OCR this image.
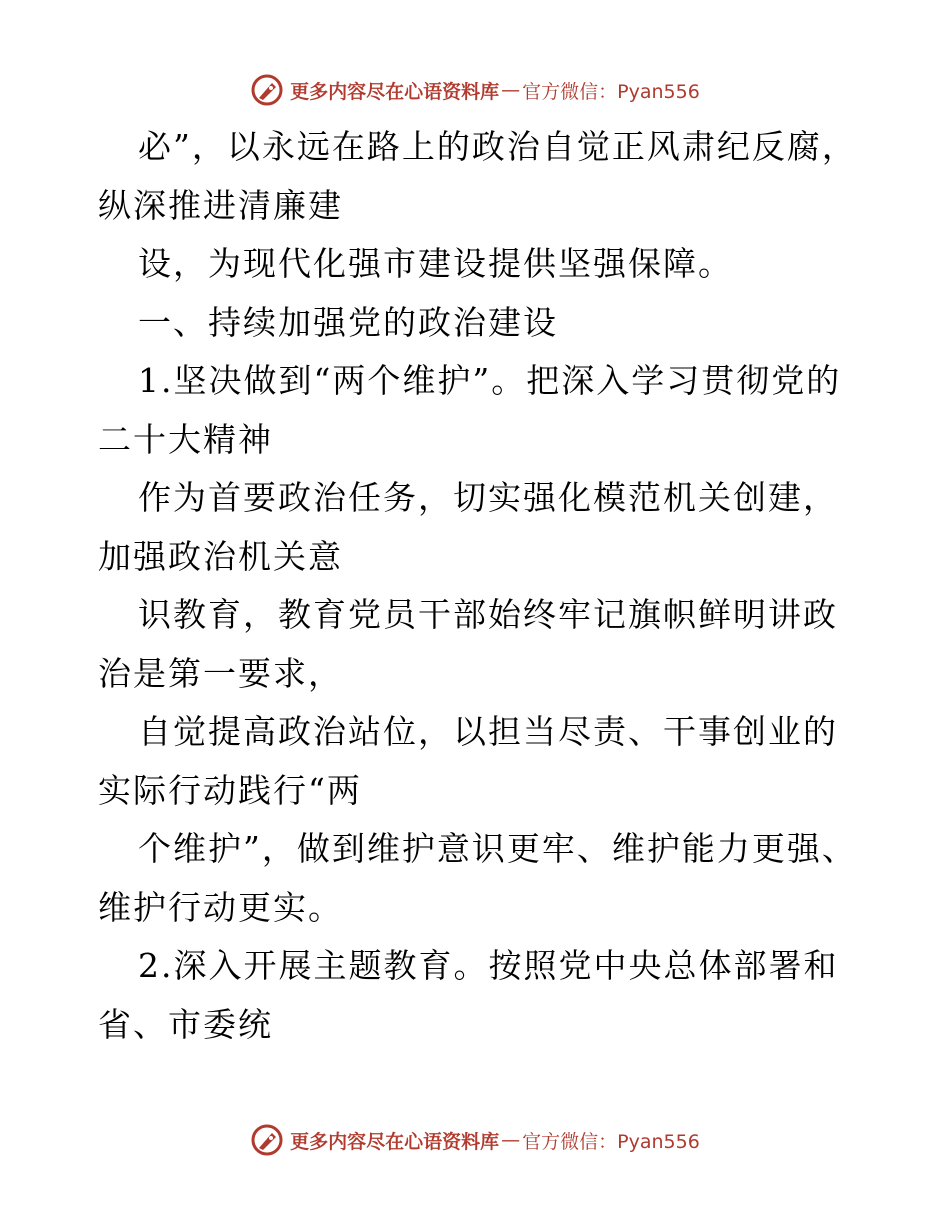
更多内容尽在心语资料库 — 官方微信：Pyan556

必”，以永远在路上的政治自觉正风肃纪反腐，纵深推进清廉建

设，为现代化强市建设提供坚强保障。

一、持续加强党的政治建设

1.坚决做到“两个维护”。把深入学习贯彻党的二十大精神

作为首要政治任务，切实强化模范机关创建，加强政治机关意

识教育，教育党员干部始终牢记旗帜鲜明讲政治是第一要求，

自觉提高政治站位，以担当尽责、干事创业的实际行动践行“两

个维护”，做到维护意识更牢、维护能力更强、维护行动更实。

2.深入开展主题教育。按照党中央总体部署和省、市委统

更多内容尽在心语资料库 — 官方微信：Pyan556
